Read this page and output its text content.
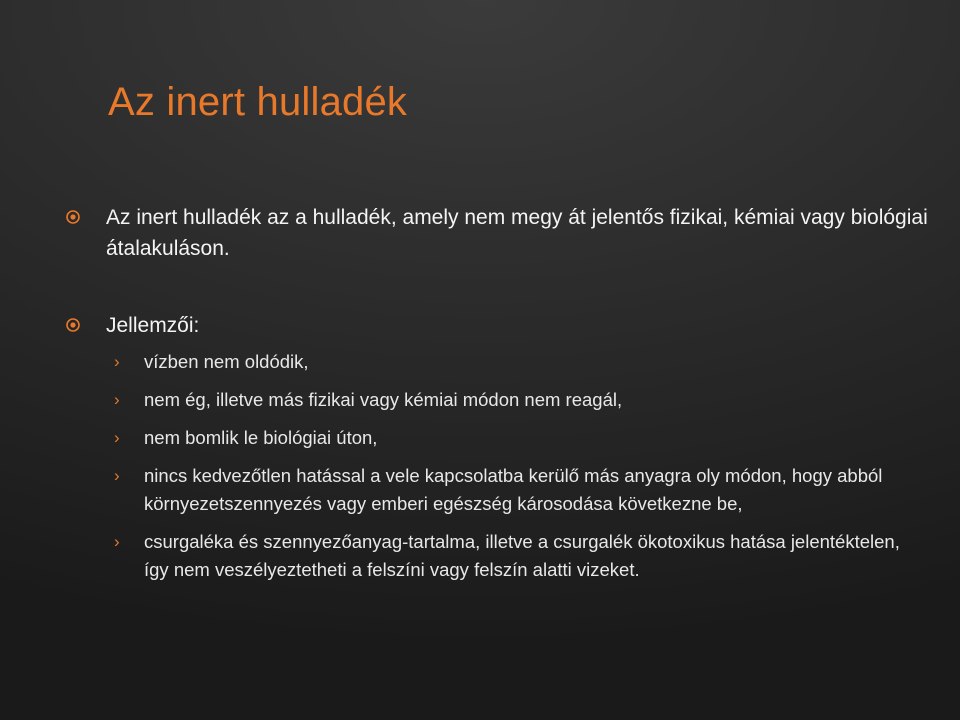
Az inert hulladék
Az inert hulladék az a hulladék, amely nem megy át jelentős fizikai, kémiai vagy biológiai átalakuláson.
Jellemzői:
› vízben nem oldódik,
› nem ég, illetve más fizikai vagy kémiai módon nem reagál,
› nem bomlik le biológiai úton,
› nincs kedvezőtlen hatással a vele kapcsolatba kerülő más anyagra oly módon, hogy abból környezetszennyezés vagy emberi egészség károsodása következne be,
› csurgaléka és szennyezőanyag-tartalma, illetve a csurgalék ökotoxikus hatása jelentéktelen, így nem veszélyeztetheti a felszíni vagy felszín alatti vizeket.
